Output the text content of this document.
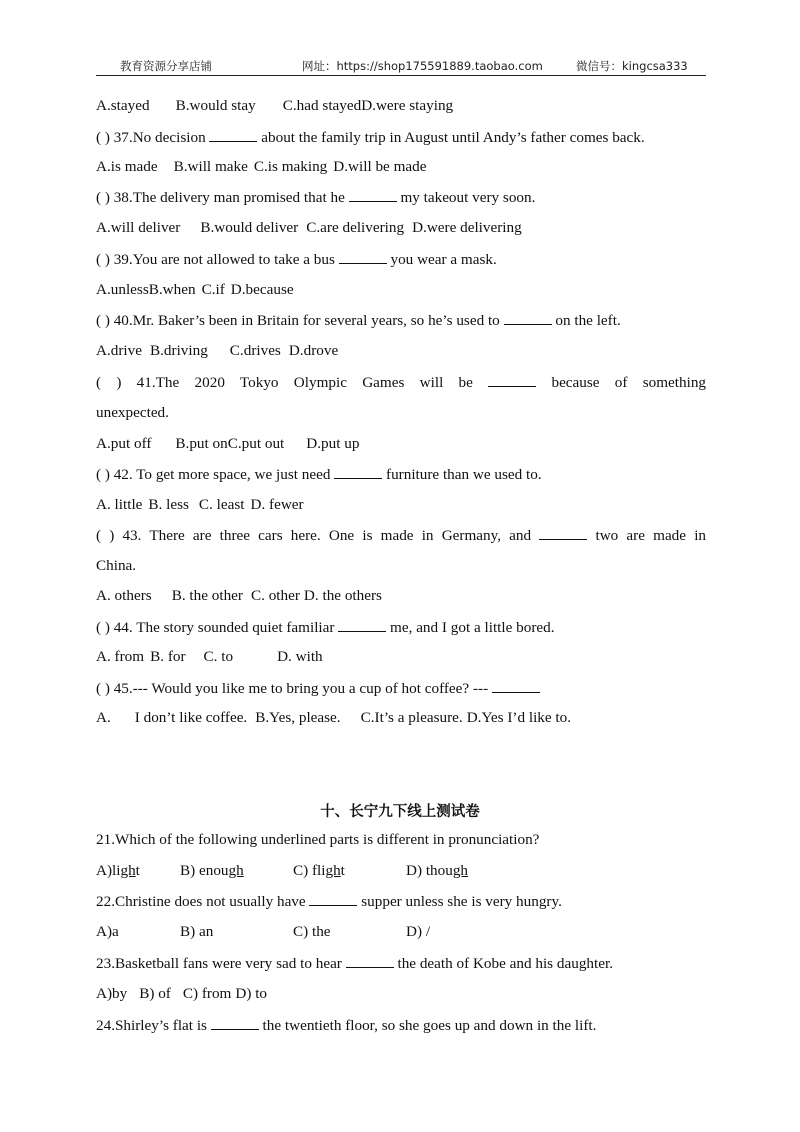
教育资源分享店铺	网址：https://shop175591889.taobao.com	微信号：kingcsa333
A.stayed B.would stay C.had stayedD.were staying
( ) 37.No decision	about the family trip in August until Andy’s father comes back.
A.is made B.will make C.is making D.will be made
( ) 38.The delivery man promised that he	my takeout very soon.
A.will deliver B.would deliver C.are delivering D.were delivering
( ) 39.You are not allowed to take a bus	you wear a mask.
A.unlessB.when C.if D.because
( ) 40.Mr. Baker’s been in Britain for several years, so he’s used to	on the left.
A.drive B.driving C.drives D.drove
( ) 41.The 2020 Tokyo Olympic Games will be	because of something
unexpected.
A.put off B.put onC.put out D.put up
( ) 42. To get more space, we just need	furniture than we used to.
A. little B. less C. least D. fewer
( ) 43. There are three cars here. One is made in Germany, and	two are made in
China.
A. others B. the other C. other D. the others
( ) 44. The story sounded quiet familiar	me, and I got a little bored.
A. from B. for C. to	D. with
( ) 45.--- Would you like me to bring you a cup of hot coffee? ---
A. I don’t like coffee. B.Yes, please. C.It’s a pleasure. D.Yes I’d like to.
十、长宁九下线上测试卷
21.Which of the following underlined parts is different in pronunciation?
A)light	B) enough	C) flight	D) though
22.Christine does not usually have	supper unless she is very hungry.
A)a	B) an	C) the	D) /
23.Basketball fans were very sad to hear	the death of Kobe and his daughter.
A)by B) of C) from D) to
24.Shirley’s flat is	the twentieth floor, so she goes up and down in the lift.
